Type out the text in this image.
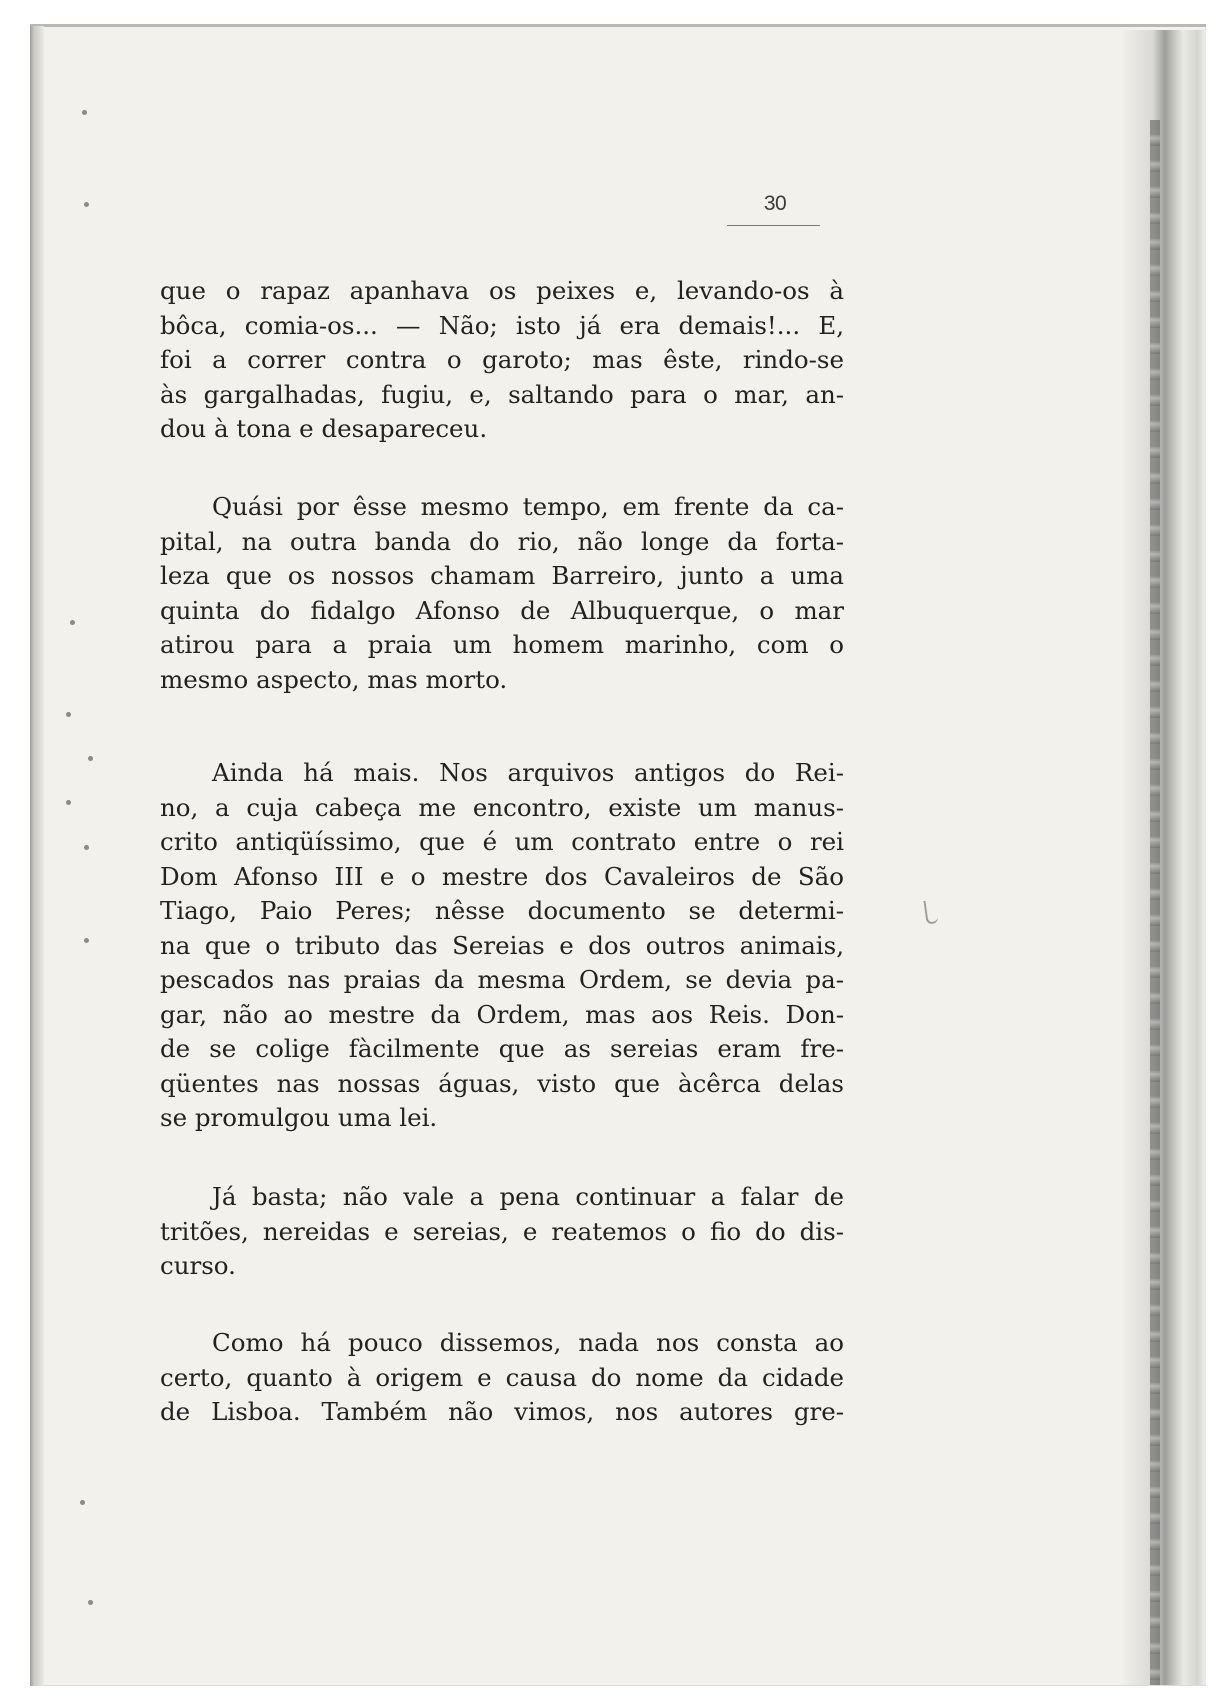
30
que o rapaz apanhava os peixes e, levando-os à
bôca, comia-os... — Não; isto já era demais!... E,
foi a correr contra o garoto; mas êste, rindo-se
às gargalhadas, fugiu, e, saltando para o mar, an-
dou à tona e desapareceu.
Quási por êsse mesmo tempo, em frente da ca-
pital, na outra banda do rio, não longe da forta-
leza que os nossos chamam Barreiro, junto a uma
quinta do fidalgo Afonso de Albuquerque, o mar
atirou para a praia um homem marinho, com o
mesmo aspecto, mas morto.
Ainda há mais. Nos arquivos antigos do Rei-
no, a cuja cabeça me encontro, existe um manus-
crito antiqüíssimo, que é um contrato entre o rei
Dom Afonso III e o mestre dos Cavaleiros de São
Tiago, Paio Peres; nêsse documento se determi-
na que o tributo das Sereias e dos outros animais,
pescados nas praias da mesma Ordem, se devia pa-
gar, não ao mestre da Ordem, mas aos Reis. Don-
de se colige fàcilmente que as sereias eram fre-
qüentes nas nossas águas, visto que àcêrca delas
se promulgou uma lei.
Já basta; não vale a pena continuar a falar de
tritões, nereidas e sereias, e reatemos o fio do dis-
curso.
Como há pouco dissemos, nada nos consta ao
certo, quanto à origem e causa do nome da cidade
de Lisboa. Também não vimos, nos autores gre-
